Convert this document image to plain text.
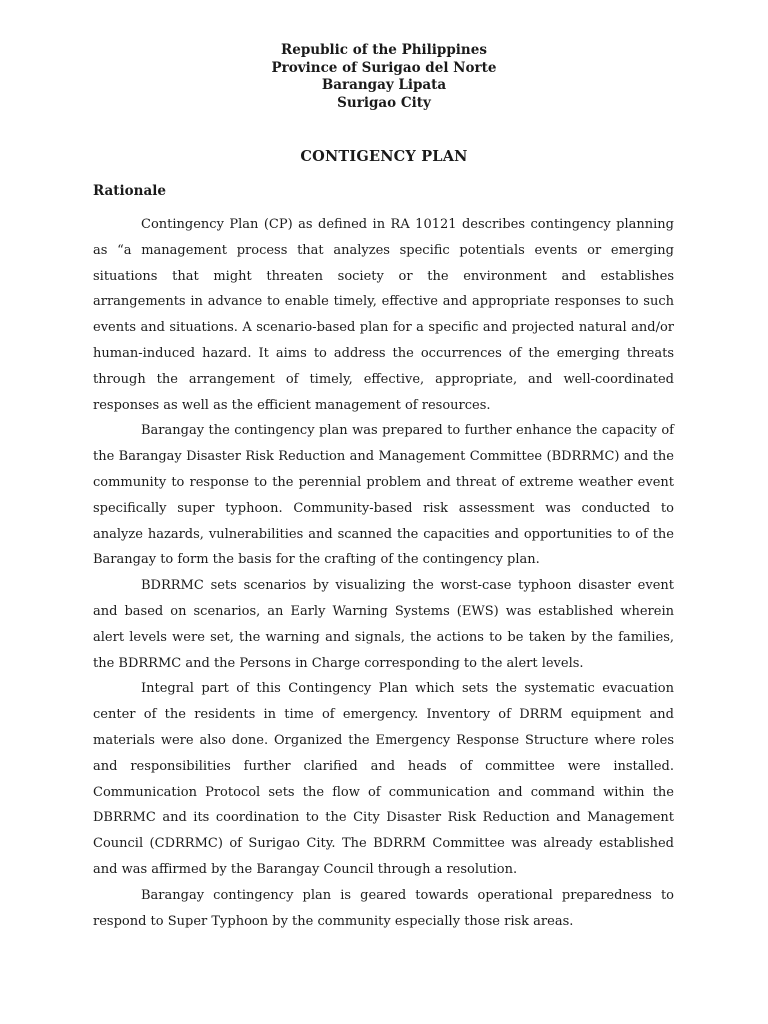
Republic of the Philippines
Province of Surigao del Norte
Barangay Lipata
Surigao City
CONTIGENCY PLAN
Rationale

Contingency Plan (CP) as defined in RA 10121 describes contingency planning as “a management process that analyzes specific potentials events or emerging situations that might threaten society or the environment and establishes arrangements in advance to enable timely, effective and appropriate responses to such events and situations. A scenario-based plan for a specific and projected natural and/or human-induced hazard. It aims to address the occurrences of the emerging threats through the arrangement of timely, effective, appropriate, and well-coordinated responses as well as the efficient management of resources.

Barangay the contingency plan was prepared to further enhance the capacity of the Barangay Disaster Risk Reduction and Management Committee (BDRRMC) and the community to response to the perennial problem and threat of extreme weather event specifically super typhoon. Community-based risk assessment was conducted to analyze hazards, vulnerabilities and scanned the capacities and opportunities to of the Barangay to form the basis for the crafting of the contingency plan.

BDRRMC sets scenarios by visualizing the worst-case typhoon disaster event and based on scenarios, an Early Warning Systems (EWS) was established wherein alert levels were set, the warning and signals, the actions to be taken by the families, the BDRRMC and the Persons in Charge corresponding to the alert levels.

Integral part of this Contingency Plan which sets the systematic evacuation center of the residents in time of emergency. Inventory of DRRM equipment and materials were also done. Organized the Emergency Response Structure where roles and responsibilities further clarified and heads of committee were installed. Communication Protocol sets the flow of communication and command within the DBRRMC and its coordination to the City Disaster Risk Reduction and Management Council (CDRRMC) of Surigao City. The BDRRM Committee was already established and was affirmed by the Barangay Council through a resolution.

Barangay contingency plan is geared towards operational preparedness to respond to Super Typhoon by the community especially those risk areas.
